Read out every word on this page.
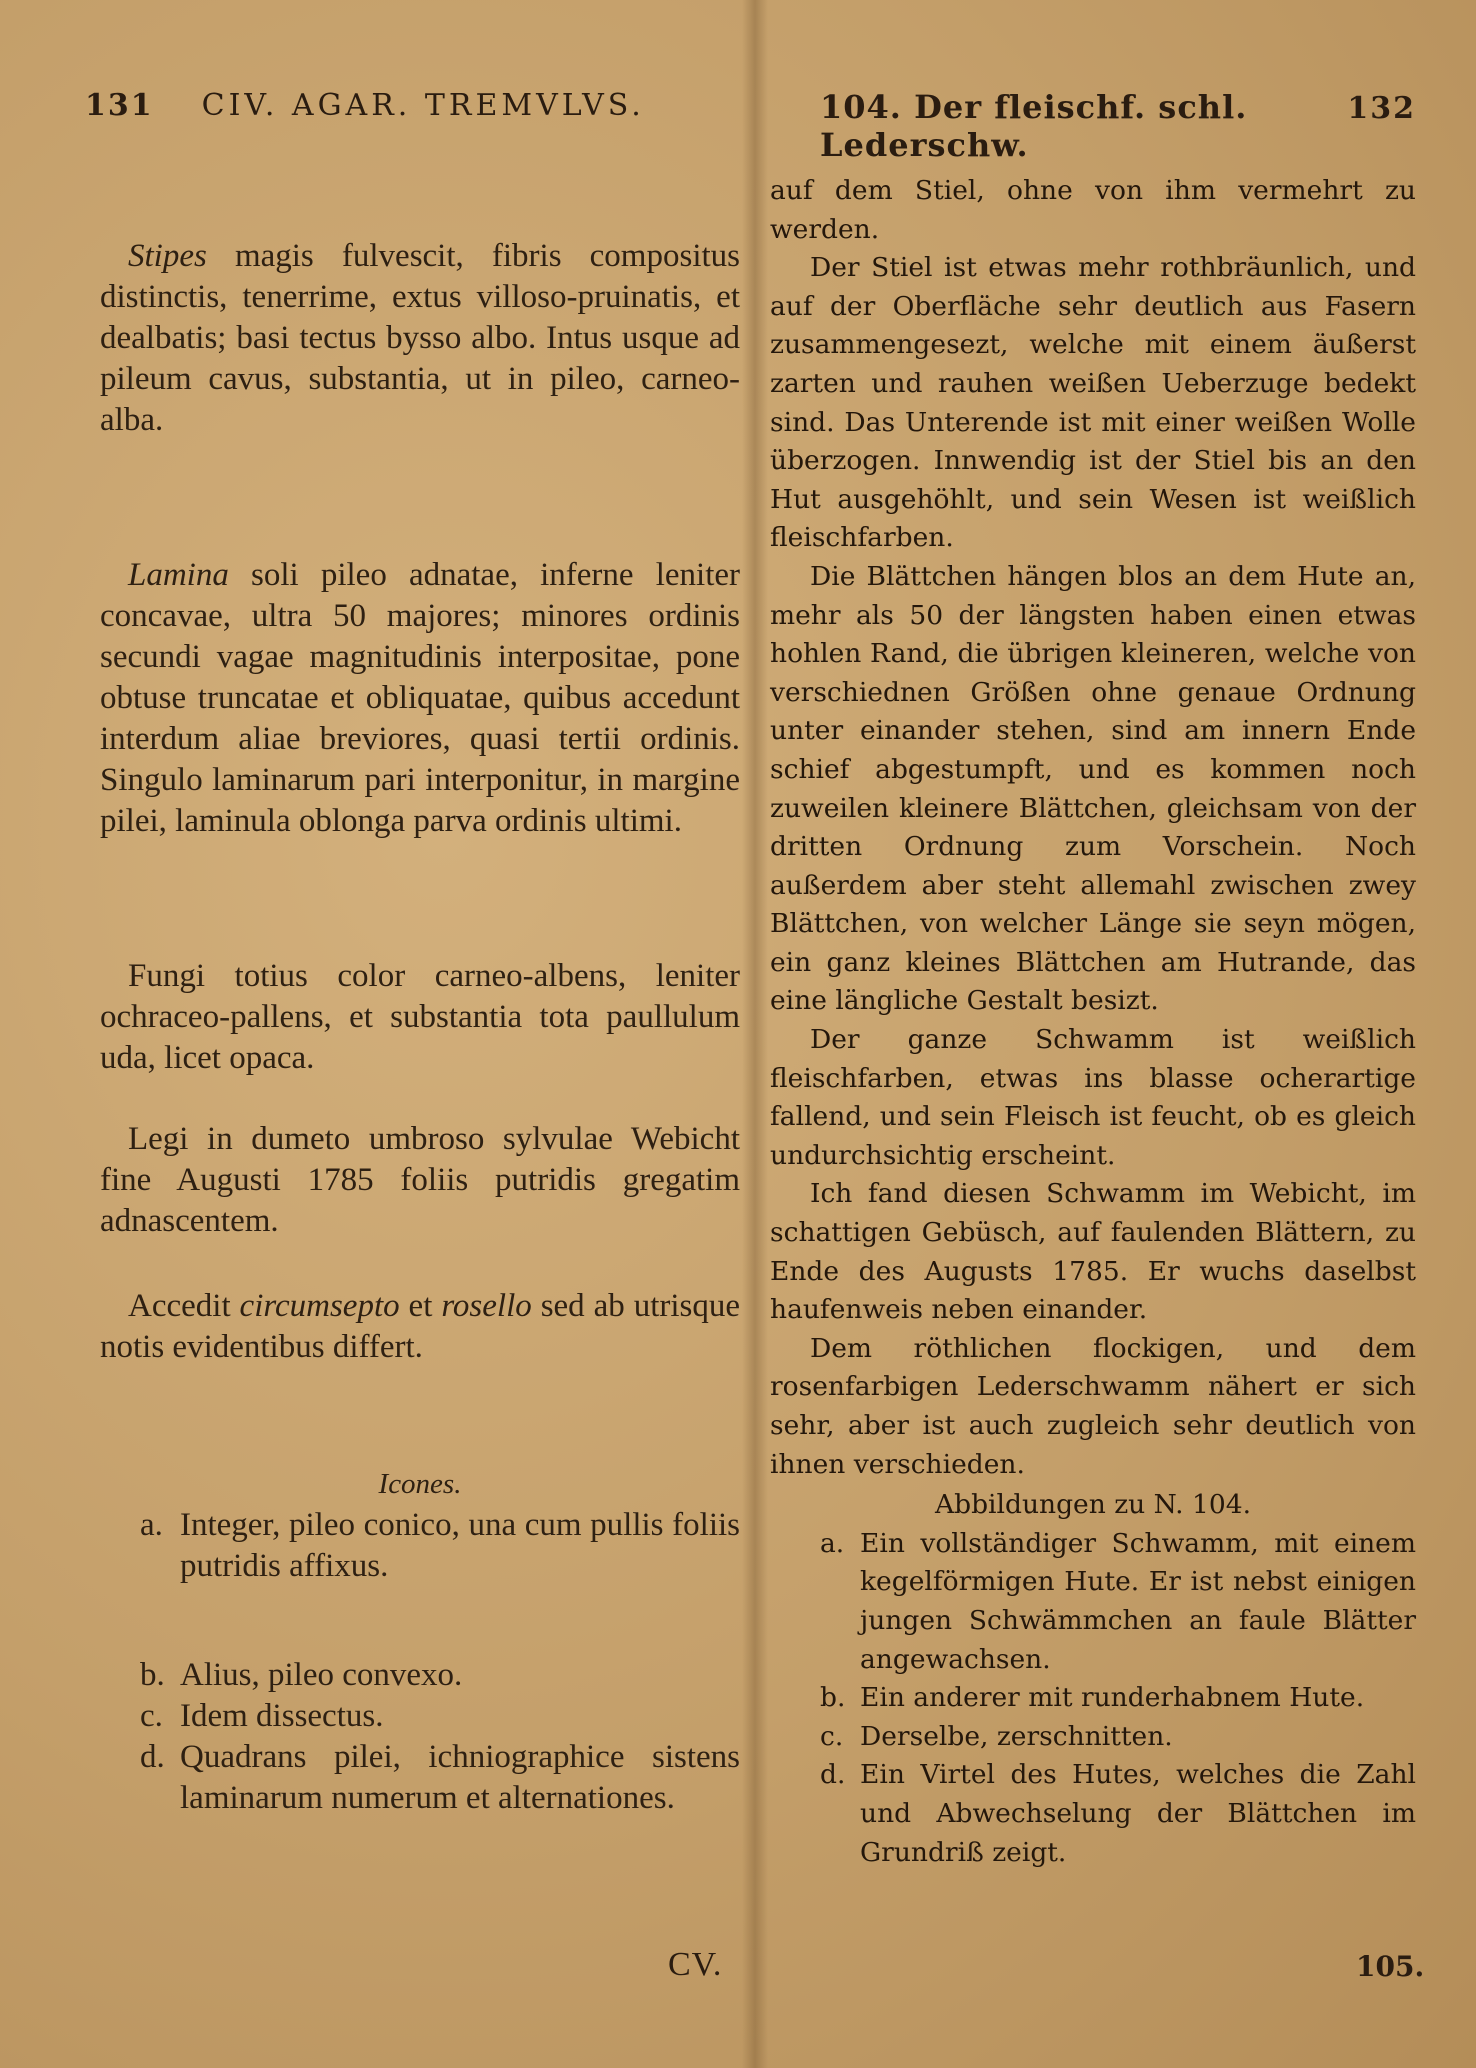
131 CIV. AGAR. TREMVLVS.

Stipes magis fulvescit, fibris compositus distinctis, tenerrime, extus villoso-pruinatis, et dealbatis; basi tectus bysso albo. Intus usque ad pileum cavus, substantia, ut in pileo, carneo-alba.

Lamina soli pileo adnatae, inferne leniter concavae, ultra 50 majores; minores ordinis secundi vagae magnitudinis interpositae, pone obtuse truncatae et obliquatae, quibus accedunt interdum aliae breviores, quasi tertii ordinis. Singulo laminarum pari interponitur, in margine pilei, laminula oblonga parva ordinis ultimi.

Fungi totius color carneo-albens, leniter ochraceo-pallens, et substantia tota paullulum uda, licet opaca.

Legi in dumeto umbroso sylvulae Webicht fine Augusti 1785 foliis putridis gregatim adnascentem.

Accedit circumsepto et rosello sed ab utrisque notis evidentibus differt.

Icones.

a. Integer, pileo conico, una cum pullis foliis putridis affixus.
b. Alius, pileo convexo.
c. Idem dissectus.
d. Quadrans pilei, ichniographice sistens laminarum numerum et alternationes.
CV.
104. Der fleischf. schl. Lederschw.
132

auf dem Stiel, ohne von ihm vermehrt zu werden.

Der Stiel ist etwas mehr rothbräunlich, und auf der Oberfläche sehr deutlich aus Fasern zusammengesezt, welche mit einem äußerst zarten und rauhen weißen Ueberzuge bedekt sind. Das Unterende ist mit einer weißen Wolle überzogen. Innwendig ist der Stiel bis an den Hut ausgehöhlt, und sein Wesen ist weißlich fleischfarben.

Die Blättchen hängen blos an dem Hute an, mehr als 50 der längsten haben einen etwas hohlen Rand, die übrigen kleineren, welche von verschiednen Größen ohne genaue Ordnung unter einander stehen, sind am innern Ende schief abgestumpft, und es kommen noch zuweilen kleinere Blättchen, gleichsam von der dritten Ordnung zum Vorschein. Noch außerdem aber steht allemahl zwischen zwey Blättchen, von welcher Länge sie seyn mögen, ein ganz kleines Blättchen am Hutrande, das eine längliche Gestalt besizt.

Der ganze Schwamm ist weißlich fleischfarben, etwas ins blasse ocherartige fallend, und sein Fleisch ist feucht, ob es gleich undurchsichtig erscheint.

Ich fand diesen Schwamm im Webicht, im schattigen Gebüsch, auf faulenden Blättern, zu Ende des Augusts 1785. Er wuchs daselbst haufenweis neben einander.

Dem röthlichen flockigen, und dem rosenfarbigen Lederschwamm nähert er sich sehr, aber ist auch zugleich sehr deutlich von ihnen verschieden.

Abbildungen zu N. 104.

a. Ein vollständiger Schwamm, mit einem kegelförmigen Hute. Er ist nebst einigen jungen Schwämmchen an faule Blätter angewachsen.
b. Ein anderer mit runderhabnem Hute.
c. Derselbe, zerschnitten.
d. Ein Virtel des Hutes, welches die Zahl und Abwechselung der Blättchen im Grundriß zeigt.
105.
